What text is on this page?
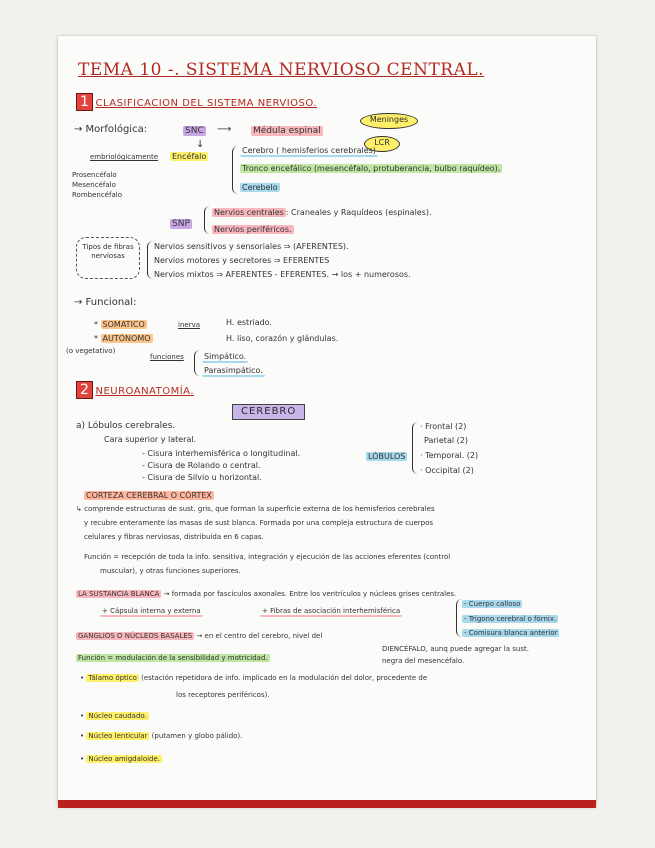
TEMA 10 -. SISTEMA NERVIOSO CENTRAL.
1 CLASIFICACION DEL SISTEMA NERVIOSO.
→ Morfológica:	SNC ⟶ Médula espinal
Meninges
LCR
↓
embriológicamente Encéfalo
Cerebro ( hemisferios cerebrales)
Tronco encefálico (mesencéfalo, protuberancia, bulbo raquídeo).
Cerebelo
Prosencéfalo
Mesencéfalo
Rombencéfalo
SNP
Nervios centrales : Craneales y Raquídeos (espinales).
Nervios periféricos.
Tipos de fibras nerviosas
Nervios sensitivos y sensoriales ⇒ (AFERENTES).
Nervios motores y secretores ⇒ EFERENTES
Nervios mixtos ⇒ AFERENTES - EFERENTES. → los + numerosos.
→ Funcional:
* SOMATICO	inerva	H. estriado.
* AUTÓNOMO	H. liso, corazón y glándulas.
(o vegetativo)
funciones	Simpático.
Parasimpático.
2 NEUROANATOMÍA.
CEREBRO
a) Lóbulos cerebrales.
Cara superior y lateral.
- Cisura interhemisférica o longitudinal.
- Cisura de Rolando o central.
- Cisura de Silvio u horizontal.
LÓBULOS
· Frontal (2)
Parietal (2)
· Temporal. (2)
· Occipital (2)
CORTEZA CEREBRAL O CÓRTEX
↳ comprende estructuras de sust. gris, que forman la superficie externa de los hemisferios cerebrales
y recubre enteramente las masas de sust blanca. Formada por una compleja estructura de cuerpos
celulares y fibras nerviosas, distribuida en 6 capas.
Función = recepción de toda la info. sensitiva, integración y ejecución de las acciones eferentes (control
muscular), y otras funciones superiores.
LA SUSTANCIA BLANCA → formada por fascículos axonales. Entre los ventrículos y núcleos grises centrales.
+ Cápsula interna y externa	+ Fibras de asociación interhemisférica
- Cuerpo calloso
- Trígono cerebral o fórnix.
- Comisura blanca anterior
GANGLIOS O NÚCLEOS BASALES → en el centro del cerebro, nivel del
DIENCÉFALO, aunq puede agregar la sust.
negra del mesencéfalo.
Función = modulación de la sensibilidad y motricidad.
• Tálamo óptico (estación repetidora de info. implicado en la modulación del dolor, procedente de
los receptores periféricos).
• Núcleo caudado.
• Núcleo lenticular (putamen y globo pálido).
• Núcleo amigdaloide.
